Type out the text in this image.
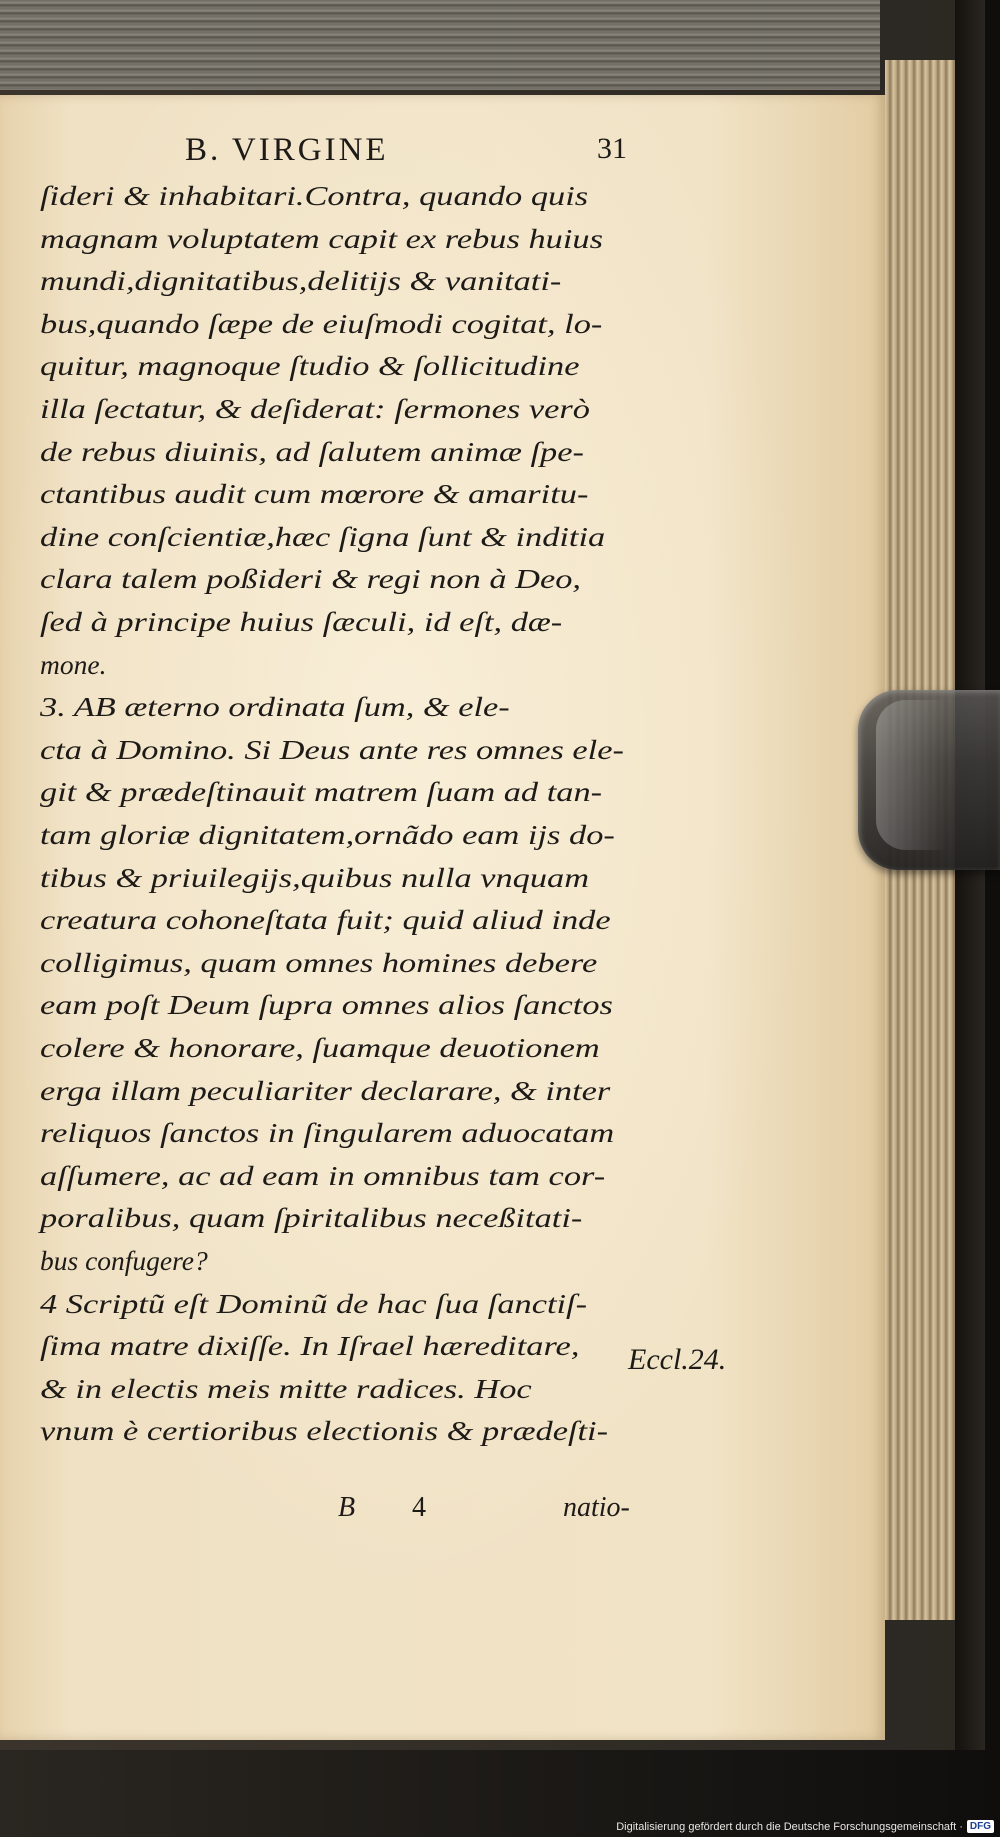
B. VIRGINE	31
ſideri & inhabitari.Contra, quando quis
magnam voluptatem capit ex rebus huius
mundi,dignitatibus,delitijs & vanitati-
bus,quando ſæpe de eiuſmodi cogitat, lo-
quitur, magnoque ſtudio & ſollicitudine
illa ſectatur, & deſiderat: ſermones verò
de rebus diuinis, ad ſalutem animæ ſpe-
ctantibus audit cum mœrore & amaritu-
dine conſcientiæ,hæc ſigna ſunt & inditia
clara talem poßideri & regi non à Deo,
ſed à principe huius ſæculi, id eſt, dæ-
mone.
3. AB æterno ordinata ſum, & ele-
cta à Domino. Si Deus ante res omnes ele-
git & prædeſtinauit matrem ſuam ad tan-
tam gloriæ dignitatem,ornãdo eam ijs do-
tibus & priuilegijs,quibus nulla vnquam
creatura cohoneſtata fuit; quid aliud inde
colligimus, quam omnes homines debere
eam poſt Deum ſupra omnes alios ſanctos
colere & honorare, ſuamque deuotionem
erga illam peculiariter declarare, & inter
reliquos ſanctos in ſingularem aduocatam
aſſumere, ac ad eam in omnibus tam cor-
poralibus, quam ſpiritalibus neceßitati-
bus confugere?
4 Scriptũ eſt Dominũ de hac ſua ſanctiſ-
ſima matre dixiſſe. In Iſrael hæreditare,
& in electis meis mitte radices. Hoc
vnum è certioribus electionis & prædeſti-
Eccl.24.
B 4	natio-
Digitalisierung gefördert durch die Deutsche Forschungsgemeinschaft · DFG
